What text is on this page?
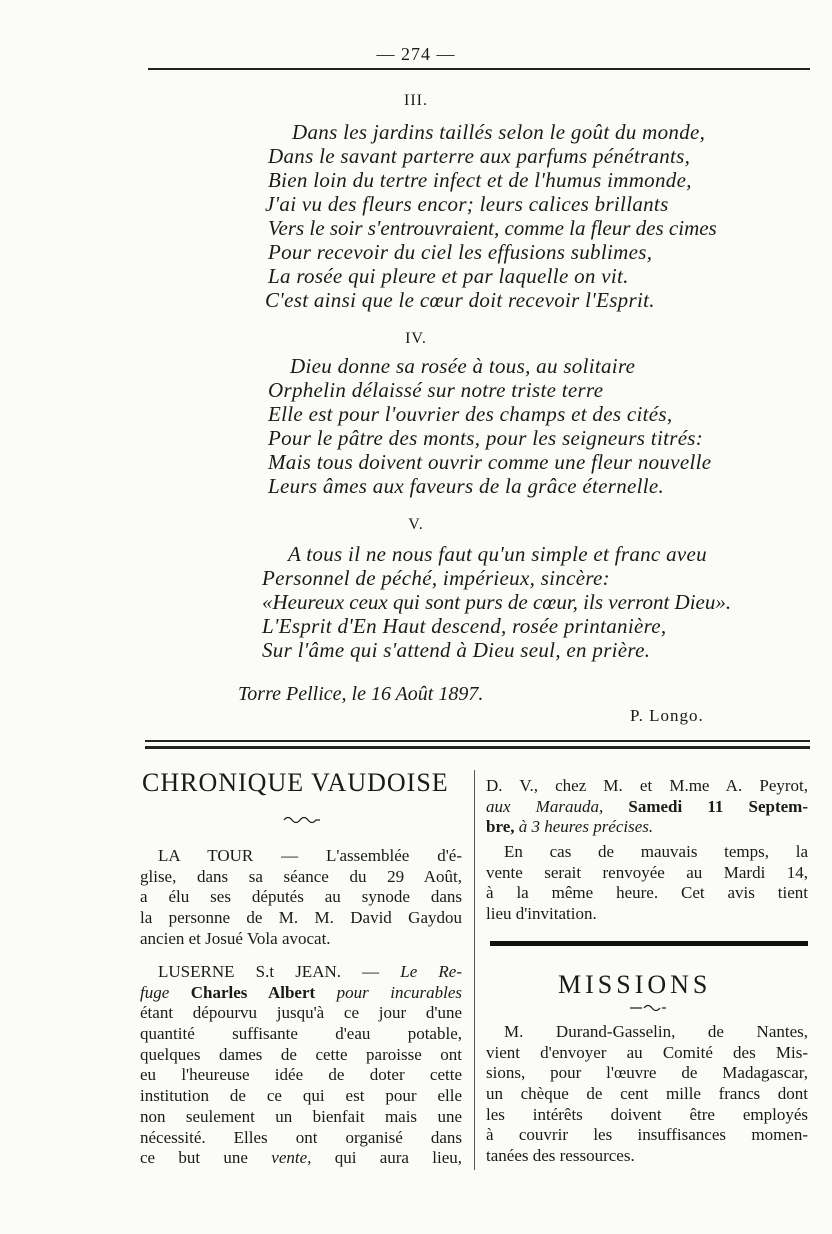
— 274 —
III.
Dans les jardins taillés selon le goût du monde,
Dans le savant parterre aux parfums pénétrants,
Bien loin du tertre infect et de l'humus immonde,
J'ai vu des fleurs encor; leurs calices brillants
Vers le soir s'entrouvraient, comme la fleur des cimes
Pour recevoir du ciel les effusions sublimes,
La rosée qui pleure et par laquelle on vit.
C'est ainsi que le cœur doit recevoir l'Esprit.
IV.
Dieu donne sa rosée à tous, au solitaire
Orphelin délaissé sur notre triste terre
Elle est pour l'ouvrier des champs et des cités,
Pour le pâtre des monts, pour les seigneurs titrés:
Mais tous doivent ouvrir comme une fleur nouvelle
Leurs âmes aux faveurs de la grâce éternelle.
V.
A tous il ne nous faut qu'un simple et franc aveu
Personnel de péché, impérieux, sincère:
«Heureux ceux qui sont purs de cœur, ils verront Dieu».
L'Esprit d'En Haut descend, rosée printanière,
Sur l'âme qui s'attend à Dieu seul, en prière.
Torre Pellice, le 16 Août 1897.
P. Longo.
CHRONIQUE VAUDOISE
LA TOUR — L'assemblée d'é-
glise, dans sa séance du 29 Août,
a élu ses députés au synode dans
la personne de M. M. David Gaydou
ancien et Josué Vola avocat.
LUSERNE S.t JEAN. — Le Re-
fuge Charles Albert pour incurables
étant dépourvu jusqu'à ce jour d'une
quantité suffisante d'eau potable,
quelques dames de cette paroisse ont
eu l'heureuse idée de doter cette
institution de ce qui est pour elle
non seulement un bienfait mais une
nécessité. Elles ont organisé dans
ce but une vente, qui aura lieu,
D. V., chez M. et M.me A. Peyrot,
aux Marauda, Samedi 11 Septem-
bre, à 3 heures précises.
En cas de mauvais temps, la
vente serait renvoyée au Mardi 14,
à la même heure. Cet avis tient
lieu d'invitation.
MISSIONS
M. Durand-Gasselin, de Nantes,
vient d'envoyer au Comité des Mis-
sions, pour l'œuvre de Madagascar,
un chèque de cent mille francs dont
les intérêts doivent être employés
à couvrir les insuffisances momen-
tanées des ressources.
